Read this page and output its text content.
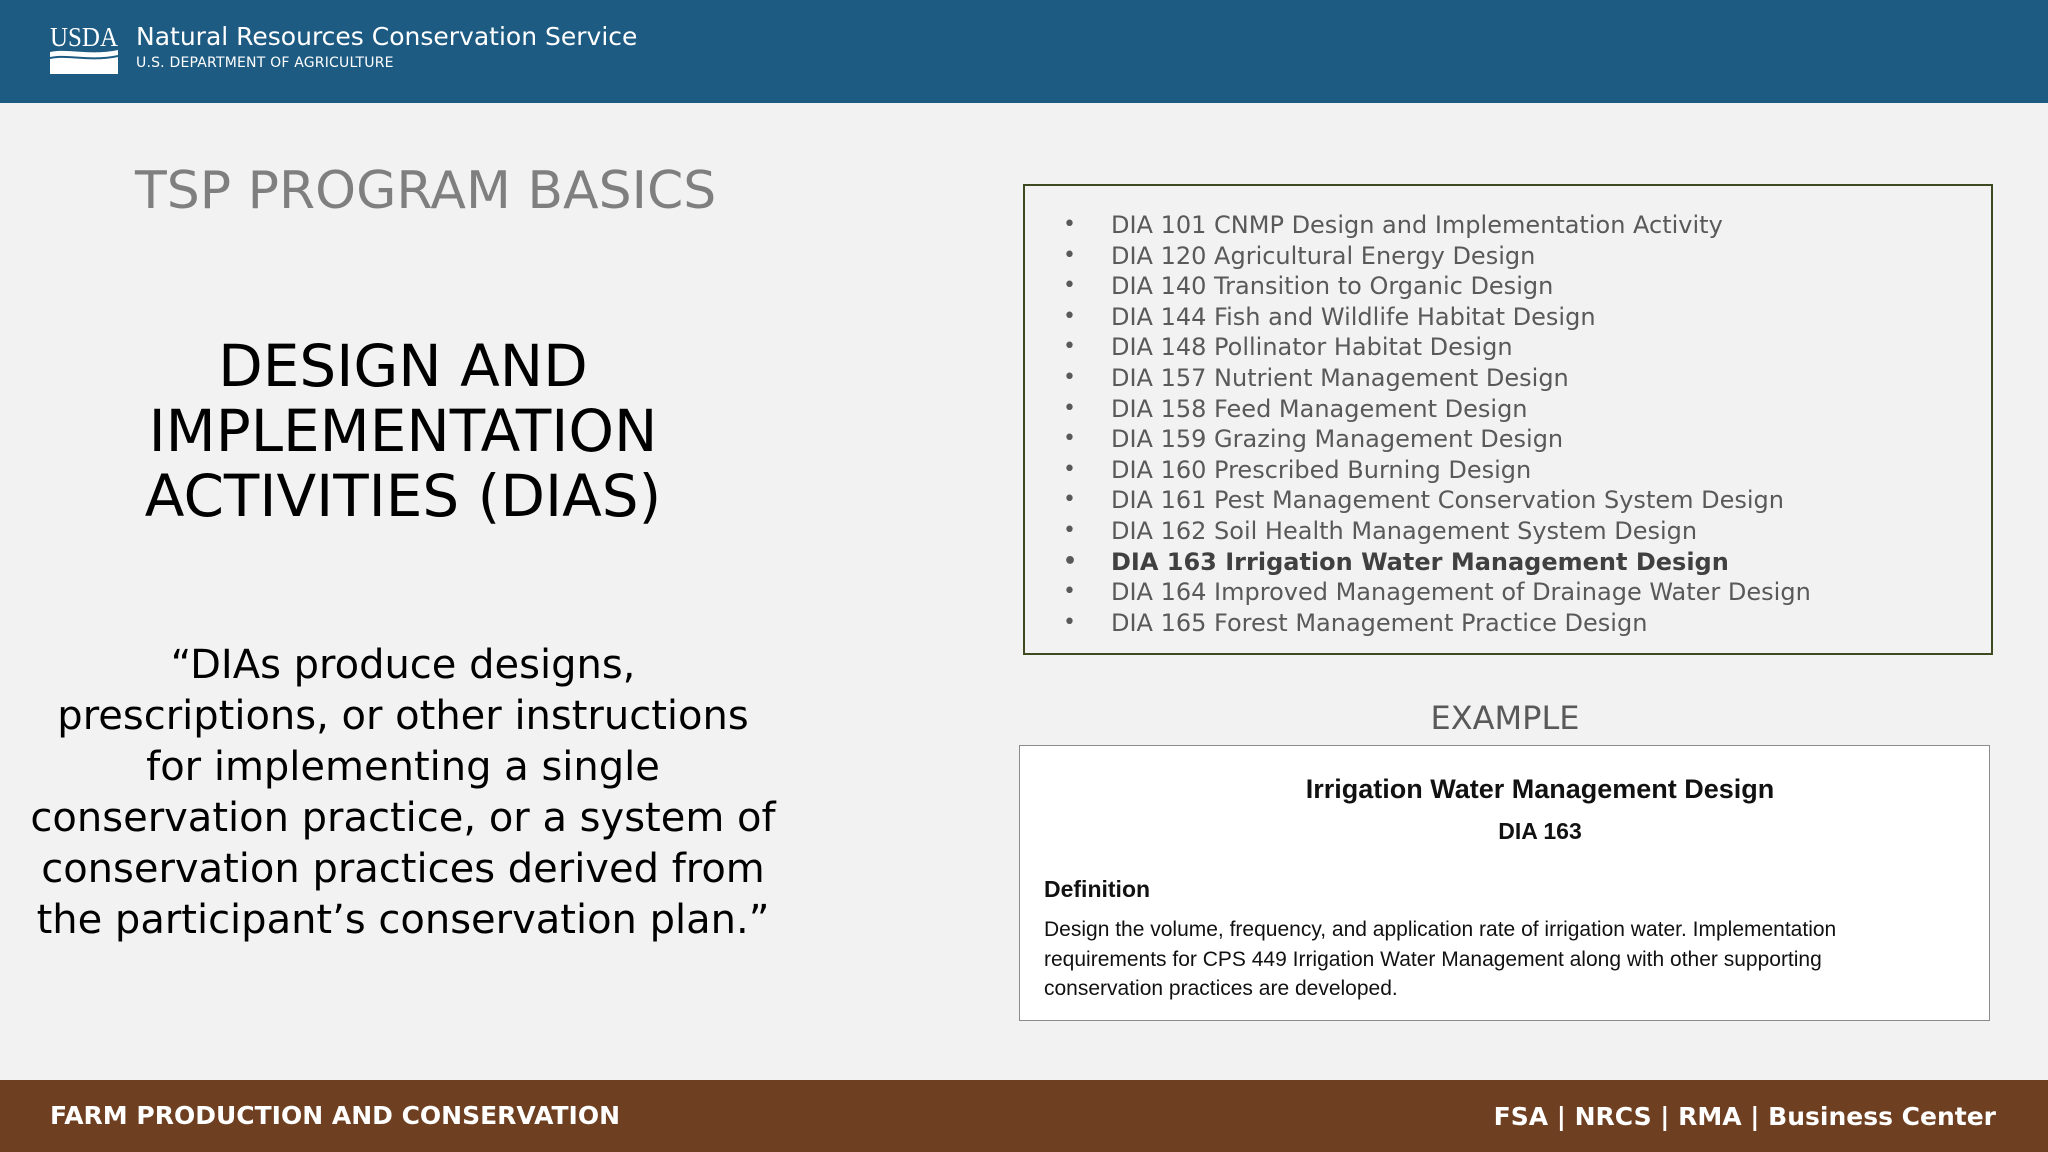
USDA Natural Resources Conservation Service
U.S. DEPARTMENT OF AGRICULTURE
TSP PROGRAM BASICS
DESIGN AND IMPLEMENTATION ACTIVITIES (DIAS)
“DIAs produce designs, prescriptions, or other instructions for implementing a single conservation practice, or a system of conservation practices derived from the participant’s conservation plan.”
• DIA 101 CNMP Design and Implementation Activity
• DIA 120 Agricultural Energy Design
• DIA 140 Transition to Organic Design
• DIA 144 Fish and Wildlife Habitat Design
• DIA 148 Pollinator Habitat Design
• DIA 157 Nutrient Management Design
• DIA 158 Feed Management Design
• DIA 159 Grazing Management Design
• DIA 160 Prescribed Burning Design
• DIA 161 Pest Management Conservation System Design
• DIA 162 Soil Health Management System Design
• DIA 163 Irrigation Water Management Design
• DIA 164 Improved Management of Drainage Water Design
• DIA 165 Forest Management Practice Design
EXAMPLE
Irrigation Water Management Design
DIA 163
Definition
Design the volume, frequency, and application rate of irrigation water. Implementation requirements for CPS 449 Irrigation Water Management along with other supporting conservation practices are developed.
FARM PRODUCTION AND CONSERVATION	FSA | NRCS | RMA | Business Center
